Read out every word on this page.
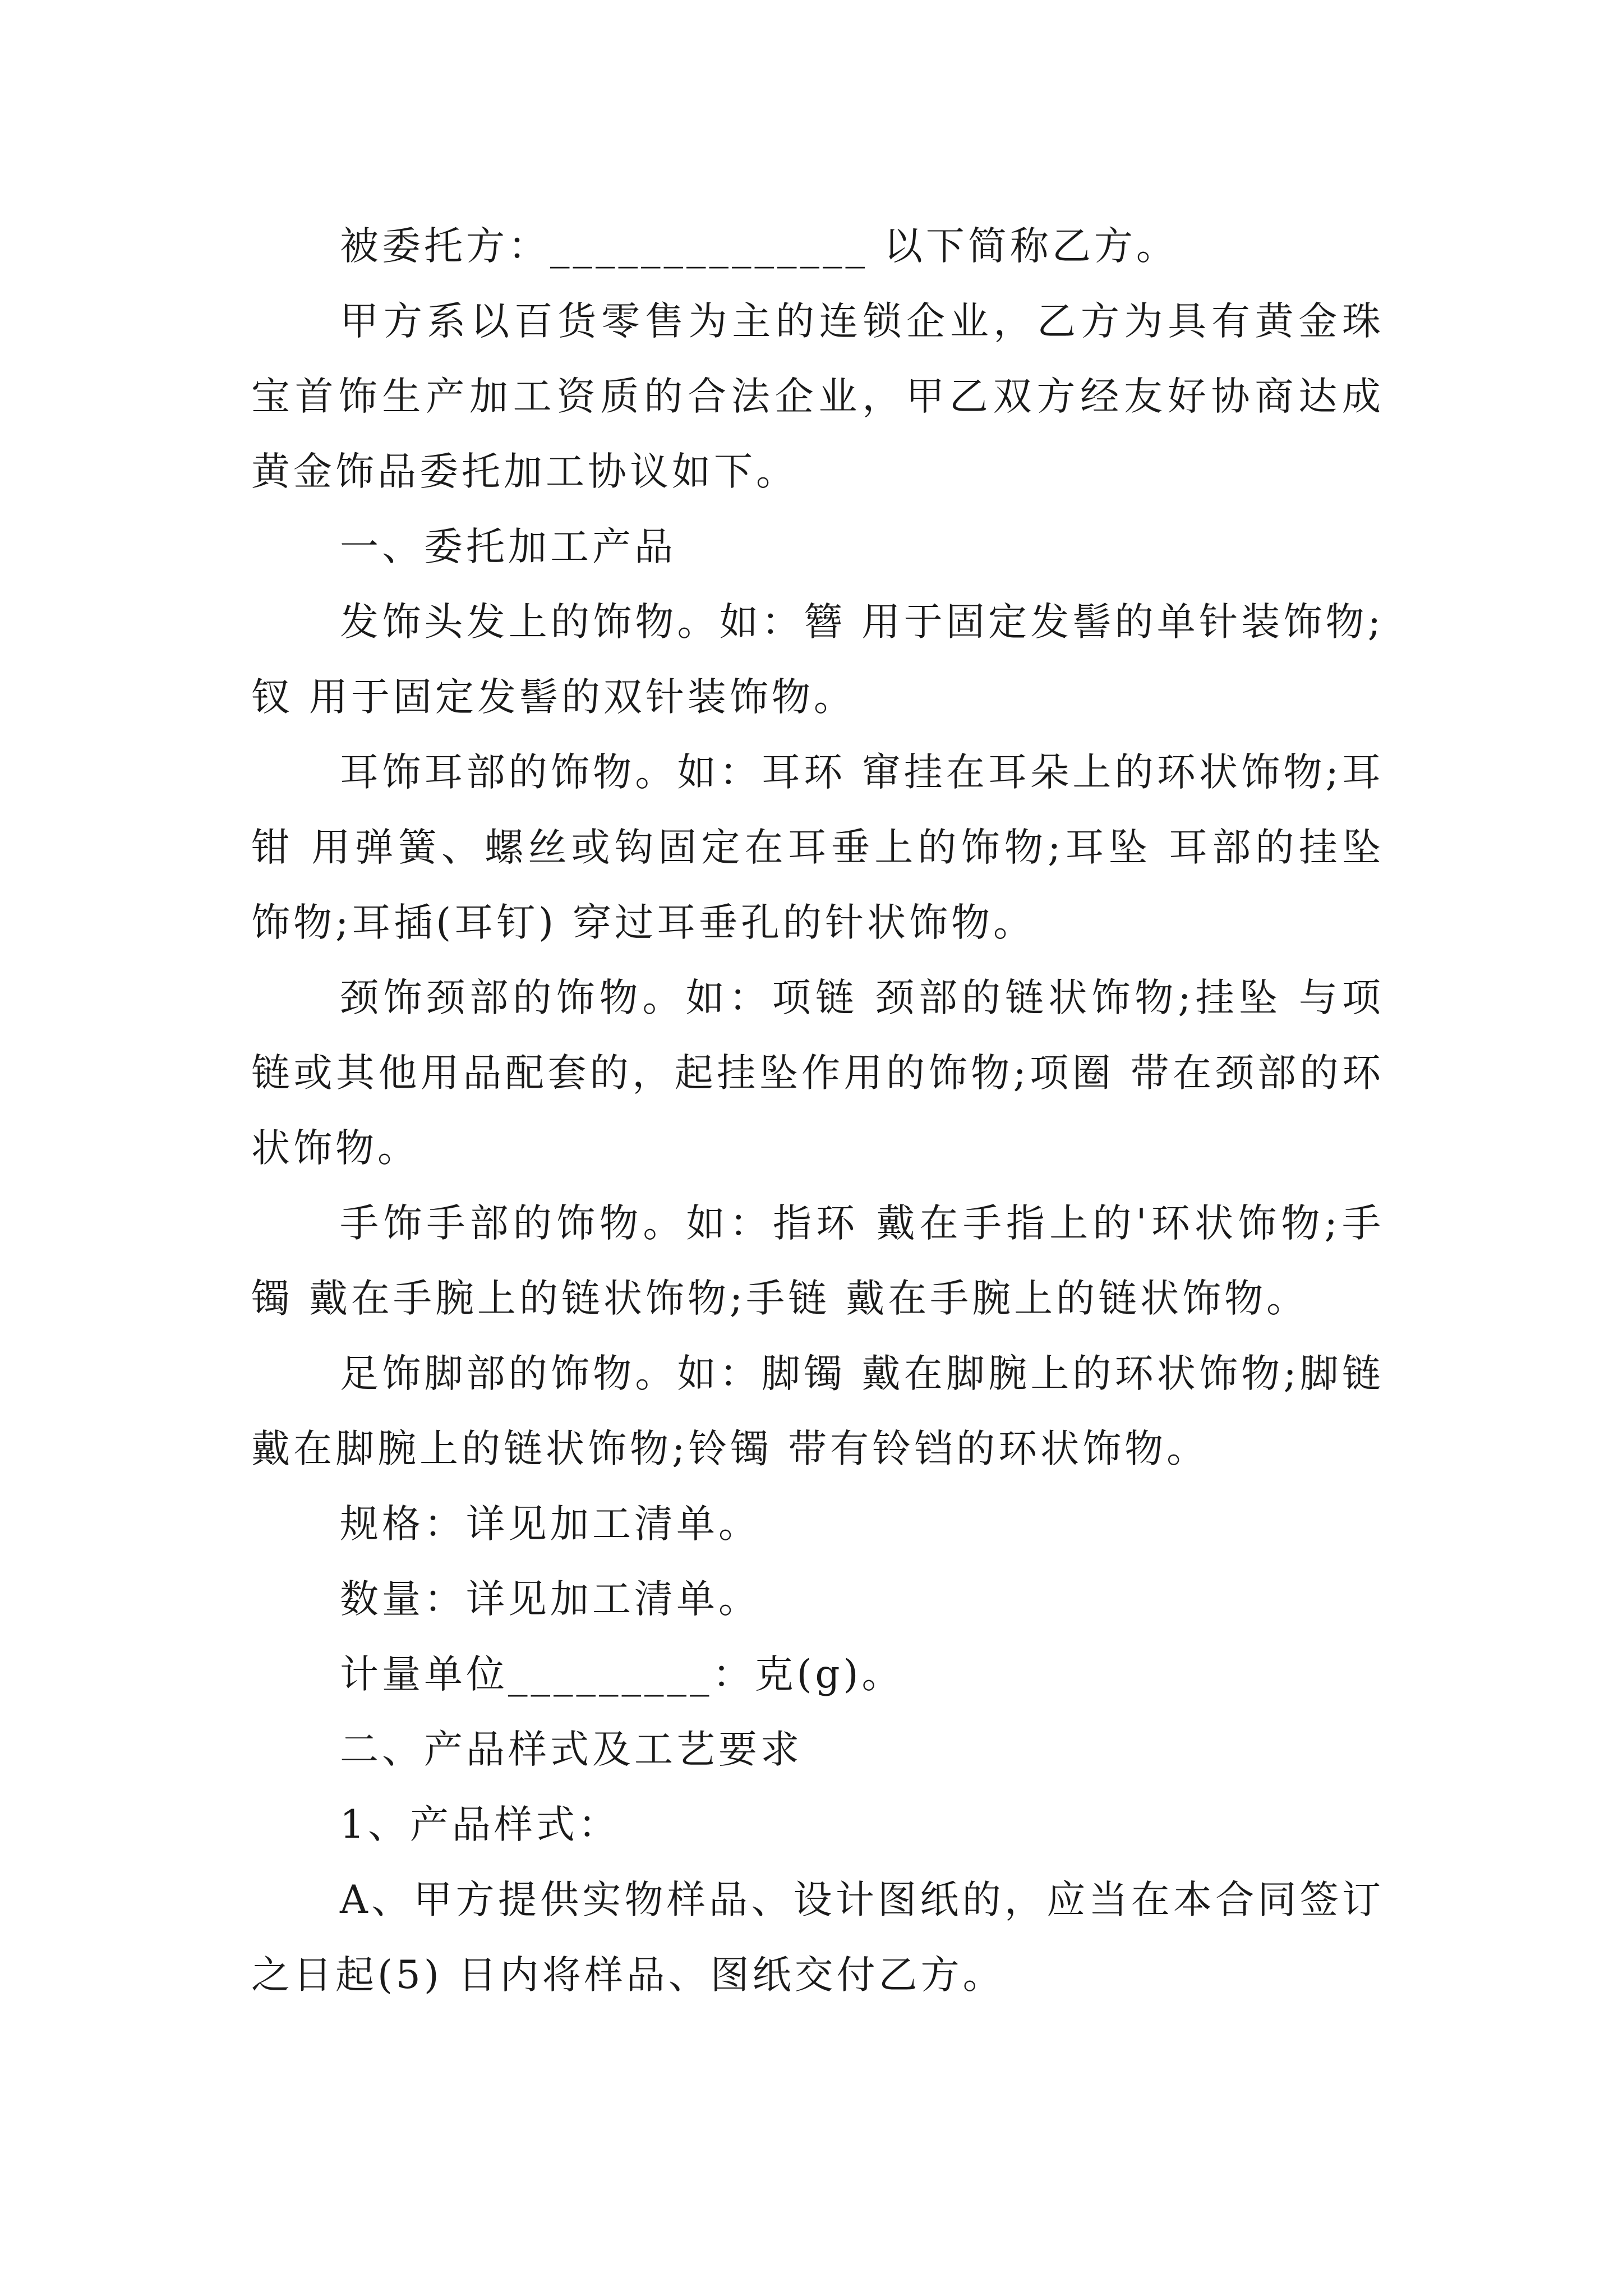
被委托方：______________ 以下简称乙方。

甲方系以百货零售为主的连锁企业，乙方为具有黄金珠宝首饰生产加工资质的合法企业，甲乙双方经友好协商达成黄金饰品委托加工协议如下。

一、委托加工产品

发饰头发上的饰物。如：簪 用于固定发髻的单针装饰物;钗 用于固定发髻的双针装饰物。

耳饰耳部的饰物。如：耳环 窜挂在耳朵上的环状饰物;耳钳 用弹簧、螺丝或钩固定在耳垂上的饰物;耳坠 耳部的挂坠饰物;耳插(耳钉) 穿过耳垂孔的针状饰物。

颈饰颈部的饰物。如：项链 颈部的链状饰物;挂坠 与项链或其他用品配套的，起挂坠作用的饰物;项圈 带在颈部的环状饰物。

手饰手部的饰物。如：指环 戴在手指上的'环状饰物;手镯 戴在手腕上的链状饰物;手链 戴在手腕上的链状饰物。

足饰脚部的饰物。如：脚镯 戴在脚腕上的环状饰物;脚链 戴在脚腕上的链状饰物;铃镯 带有铃铛的环状饰物。

规格：详见加工清单。

数量：详见加工清单。

计量单位_________：克(g)。

二、产品样式及工艺要求

1、产品样式：

A、甲方提供实物样品、设计图纸的，应当在本合同签订之日起(5) 日内将样品、图纸交付乙方。
